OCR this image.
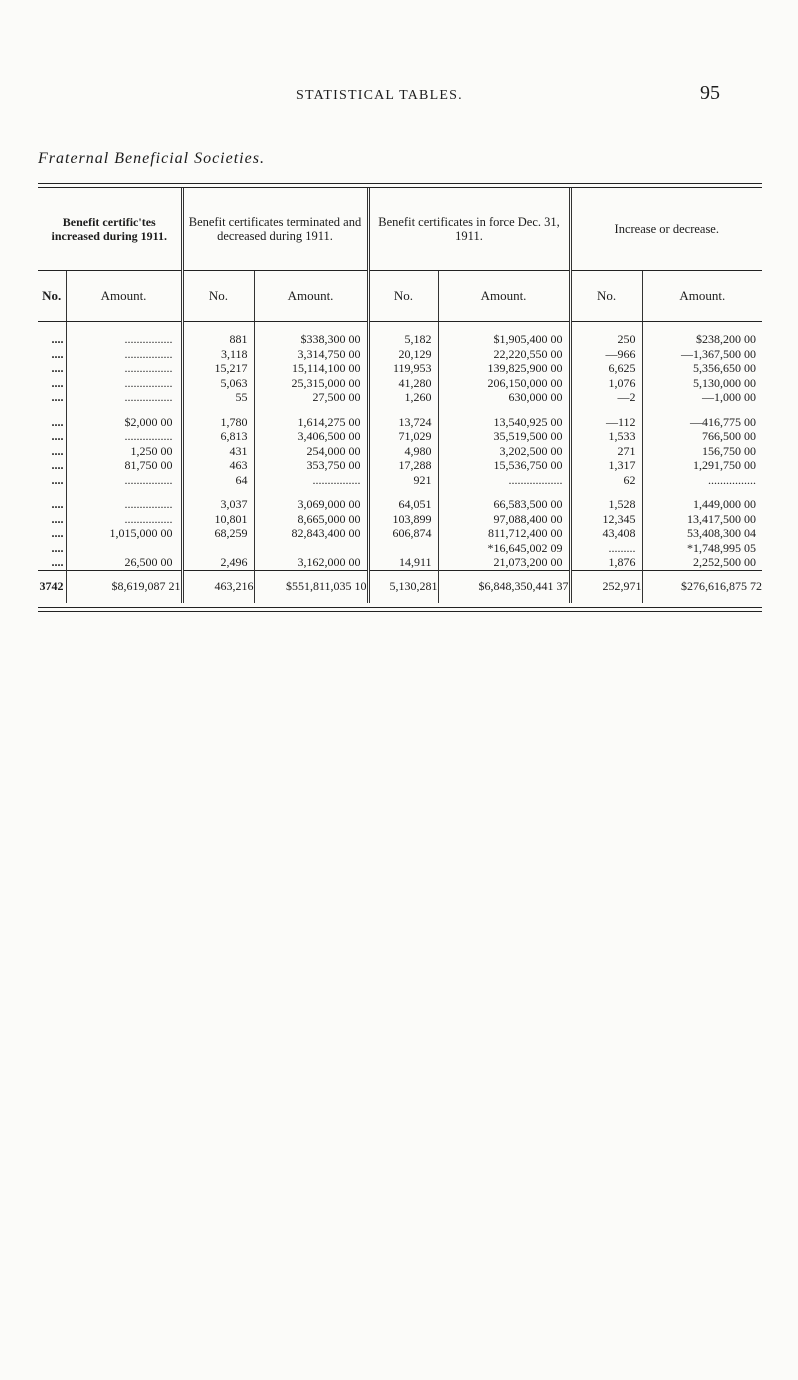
STATISTICAL TABLES.	95
Fraternal Beneficial Societies.
Benefit certific'tes increased during 1911.		Benefit certificates terminated and decreased during 1911.		Benefit certificates in force Dec. 31, 1911.		Increase or decrease.	
No.	Amount.	No.	Amount.	No.	Amount.	No.	Amount.
....	................	881	$338,300 00	5,182	$1,905,400 00	250	$238,200 00
....	................	3,118	3,314,750 00	20,129	22,220,550 00	—966	—1,367,500 00
....	................	15,217	15,114,100 00	119,953	139,825,900 00	6,625	5,356,650 00
....	................	5,063	25,315,000 00	41,280	206,150,000 00	1,076	5,130,000 00
....	................	55	27,500 00	1,260	630,000 00	—2	—1,000 00

....	$2,000 00	1,780	1,614,275 00	13,724	13,540,925 00	—112	—416,775 00
....	................	6,813	3,406,500 00	71,029	35,519,500 00	1,533	766,500 00
....	1,250 00	431	254,000 00	4,980	3,202,500 00	271	156,750 00
....	81,750 00	463	353,750 00	17,288	15,536,750 00	1,317	1,291,750 00
....	................	64	................	921	..................	62	................

....	................	3,037	3,069,000 00	64,051	66,583,500 00	1,528	1,449,000 00
....	................	10,801	8,665,000 00	103,899	97,088,400 00	12,345	13,417,500 00
....	1,015,000 00	68,259	82,843,400 00	606,874	811,712,400 00	43,408	53,408,300 04
....					*16,645,002 09	.........	*1,748,995 05
....	26,500 00	2,496	3,162,000 00	14,911	21,073,200 00	1,876	2,252,500 00
3742	$8,619,087 21	463,216	$551,811,035 10	5,130,281	$6,848,350,441 37	252,971	$276,616,875 72
